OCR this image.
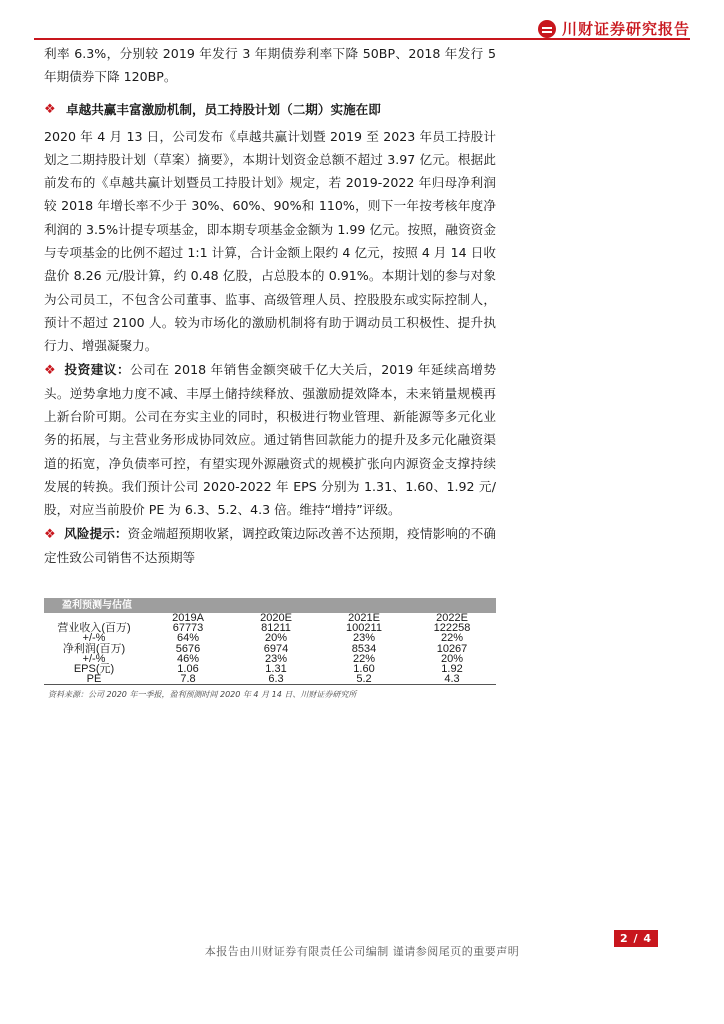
川财证券研究报告

利率 6.3%，分别较 2019 年发行 3 年期债券利率下降 50BP、2018 年发行 5 年期债券下降 120BP。

❖ 卓越共赢丰富激励机制，员工持股计划（二期）实施在即

2020 年 4 月 13 日，公司发布《卓越共赢计划暨 2019 至 2023 年员工持股计划之二期持股计划（草案）摘要》，本期计划资金总额不超过 3.97 亿元。根据此前发布的《卓越共赢计划暨员工持股计划》规定，若 2019-2022 年归母净利润较 2018 年增长率不少于 30%、60%、90%和 110%，则下一年按考核年度净利润的 3.5%计提专项基金，即本期专项基金金额为 1.99 亿元。按照，融资资金与专项基金的比例不超过 1:1 计算，合计金额上限约 4 亿元，按照 4 月 14 日收盘价 8.26 元/股计算，约 0.48 亿股，占总股本的 0.91%。本期计划的参与对象为公司员工，不包含公司董事、监事、高级管理人员、控股股东或实际控制人，预计不超过 2100 人。较为市场化的激励机制将有助于调动员工积极性、提升执行力、增强凝聚力。

❖ 投资建议：公司在 2018 年销售金额突破千亿大关后，2019 年延续高增势头。逆势拿地力度不减、丰厚土储持续释放、强激励提效降本，未来销量规模再上新台阶可期。公司在夯实主业的同时，积极进行物业管理、新能源等多元化业务的拓展，与主营业务形成协同效应。通过销售回款能力的提升及多元化融资渠道的拓宽，净负债率可控，有望实现外源融资式的规模扩张向内源资金支撑持续发展的转换。我们预计公司 2020-2022 年 EPS 分别为 1.31、1.60、1.92 元/股，对应当前股价 PE 为 6.3、5.2、4.3 倍。维持“增持”评级。

❖ 风险提示：资金端超预期收紧，调控政策边际改善不达预期，疫情影响的不确定性致公司销售不达预期等

盈利预测与估值
	2019A	2020E	2021E	2022E
营业收入(百万)	67773	81211	100211	122258
+/-%	64%	20%	23%	22%
净利润(百万)	5676	6974	8534	10267
+/-%	46%	23%	22%	20%
EPS(元)	1.06	1.31	1.60	1.92
PE	7.8	6.3	5.2	4.3
资料来源：公司 2020 年一季报，盈利预测时间 2020 年 4 月 14 日、川财证券研究所
2 / 4
本报告由川财证券有限责任公司编制 谨请参阅尾页的重要声明
